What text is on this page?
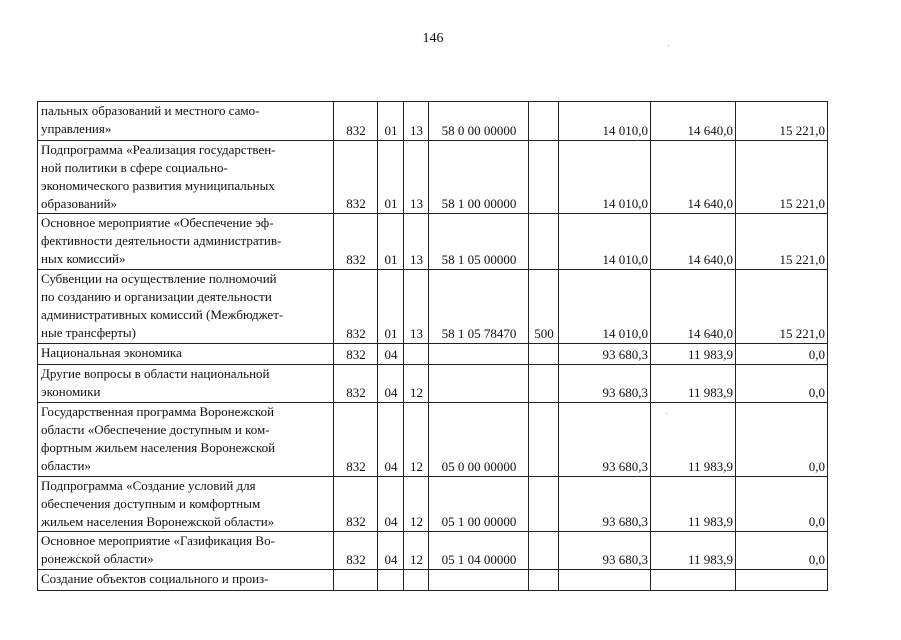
146
пальных образований и местного само-
управления»	832	01	13	58 0 00 00000		14 010,0	14 640,0	15 221,0
Подпрограмма «Реализация государствен-
ной политики в сфере социально-
экономического развития муниципальных
образований»	832	01	13	58 1 00 00000		14 010,0	14 640,0	15 221,0
Основное мероприятие «Обеспечение эф-
фективности деятельности административ-
ных комиссий»	832	01	13	58 1 05 00000		14 010,0	14 640,0	15 221,0
Субвенции на осуществление полномочий
по созданию и организации деятельности
административных комиссий (Межбюджет-
ные трансферты)	832	01	13	58 1 05 78470	500	14 010,0	14 640,0	15 221,0
Национальная экономика	832	04				93 680,3	11 983,9	0,0
Другие вопросы в области национальной
экономики	832	04	12			93 680,3	11 983,9	0,0
Государственная программа Воронежской
области «Обеспечение доступным и ком-
фортным жильем населения Воронежской
области»	832	04	12	05 0 00 00000		93 680,3	11 983,9	0,0
Подпрограмма «Создание условий для
обеспечения доступным и комфортным
жильем населения Воронежской области»	832	04	12	05 1 00 00000		93 680,3	11 983,9	0,0
Основное мероприятие «Газификация Во-
ронежской области»	832	04	12	05 1 04 00000		93 680,3	11 983,9	0,0
Создание объектов социального и произ-								
